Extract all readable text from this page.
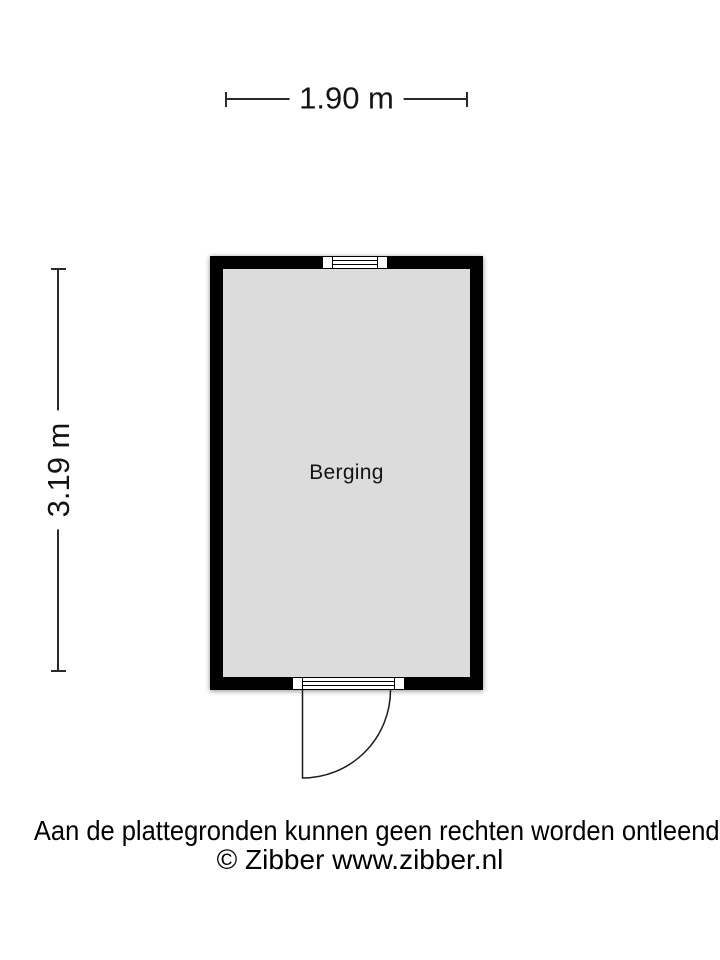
1.90 m
3.19 m	Berging
Aan de plattegronden kunnen geen rechten worden ontleend
© Zibber www.zibber.nl
